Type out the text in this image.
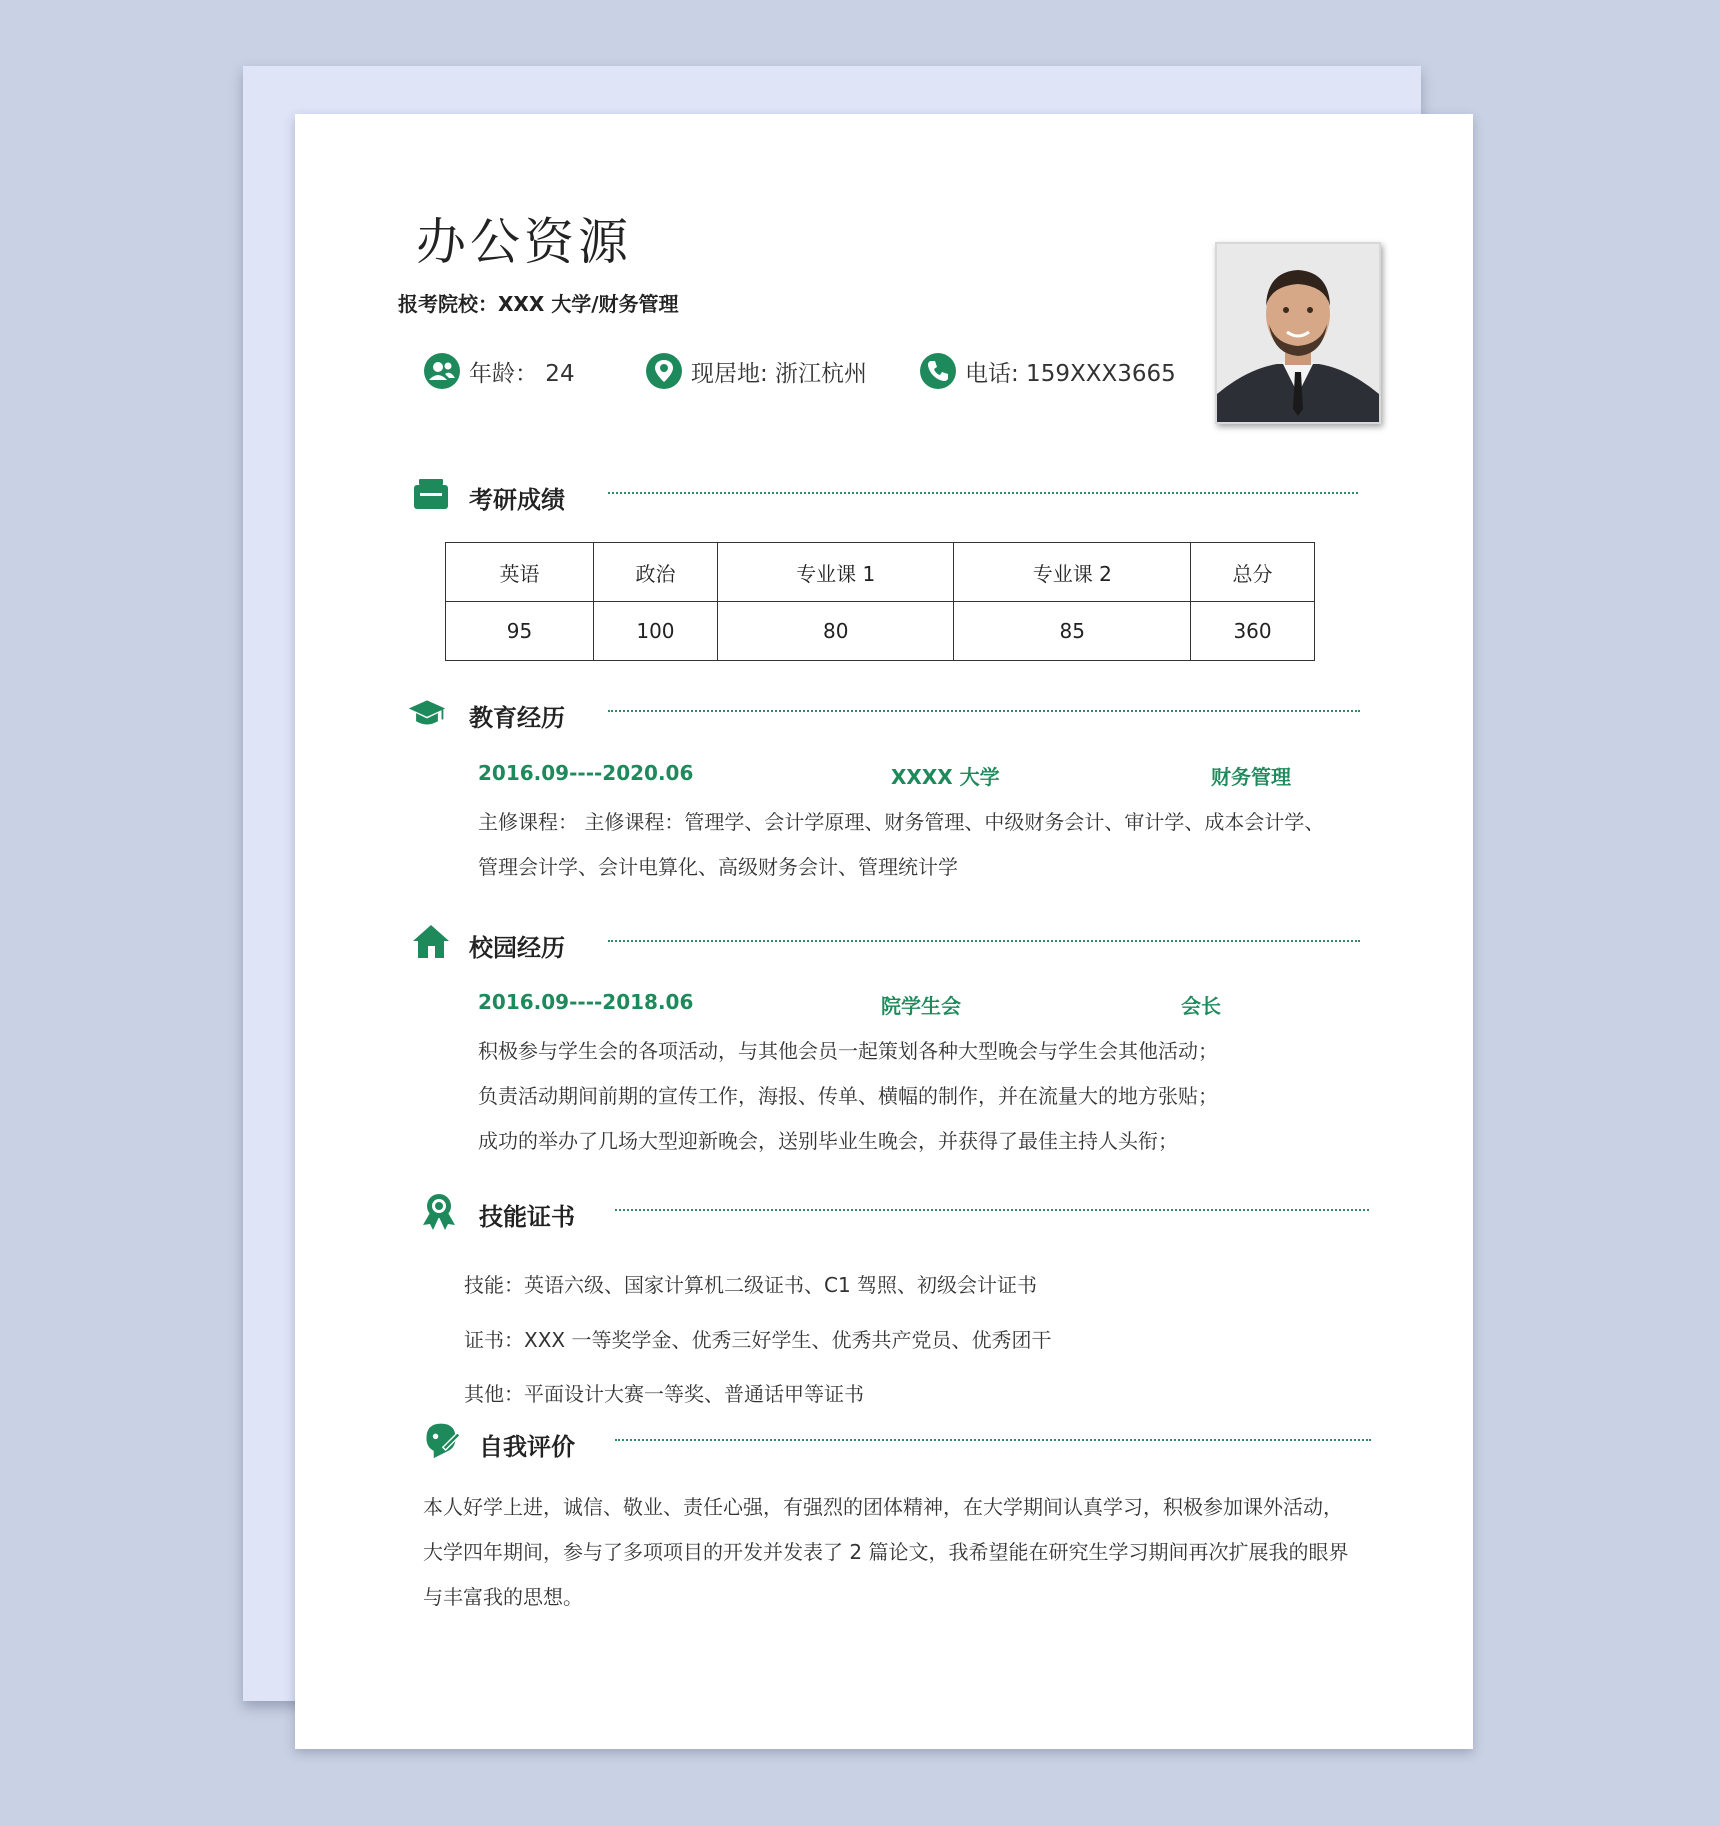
办公资源
报考院校：XXX 大学/财务管理
年龄： 24	现居地: 浙江杭州	电话: 159XXX3665
考研成绩
英语	政治	专业课 1	专业课 2	总分
95	100	80	85	360
教育经历
2016.09----2020.06	XXXX 大学	财务管理
主修课程： 主修课程：管理学、会计学原理、财务管理、中级财务会计、审计学、成本会计学、
管理会计学、会计电算化、高级财务会计、管理统计学
校园经历
2016.09----2018.06	院学生会	会长
积极参与学生会的各项活动，与其他会员一起策划各种大型晚会与学生会其他活动；
负责活动期间前期的宣传工作，海报、传单、横幅的制作，并在流量大的地方张贴；
成功的举办了几场大型迎新晚会，送别毕业生晚会，并获得了最佳主持人头衔；
技能证书
技能：英语六级、国家计算机二级证书、C1 驾照、初级会计证书
证书：XXX 一等奖学金、优秀三好学生、优秀共产党员、优秀团干
其他：平面设计大赛一等奖、普通话甲等证书
自我评价
本人好学上进，诚信、敬业、责任心强，有强烈的团体精神，在大学期间认真学习，积极参加课外活动，
大学四年期间，参与了多项项目的开发并发表了 2 篇论文，我希望能在研究生学习期间再次扩展我的眼界
与丰富我的思想。
